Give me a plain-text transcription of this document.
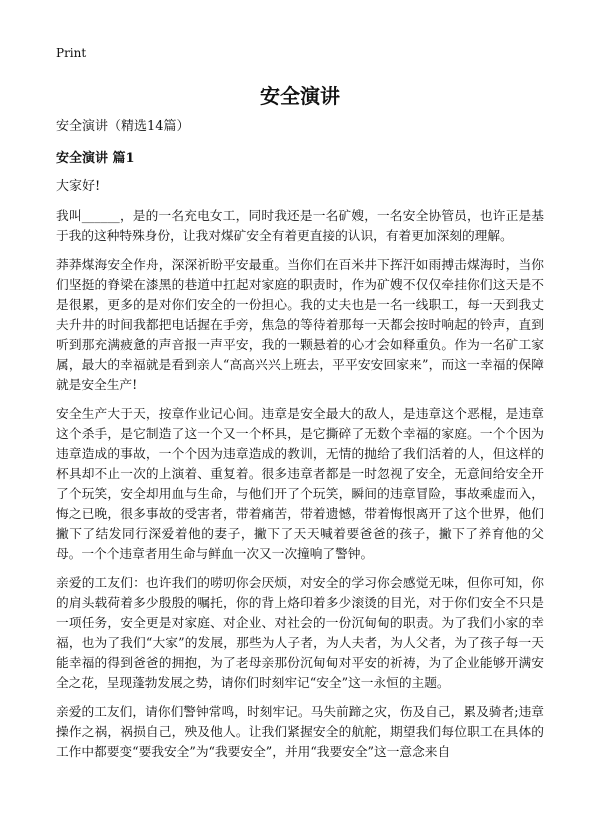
Print
安全演讲
安全演讲（精选14篇）
安全演讲 篇1
大家好!

我叫______，是的一名充电女工，同时我还是一名矿嫂，一名安全协管员，也许正是基于我的这种特殊身份，让我对煤矿安全有着更直接的认识，有着更加深刻的理解。

莽莽煤海安全作舟，深深祈盼平安最重。当你们在百米井下挥汗如雨搏击煤海时，当你们坚挺的脊梁在漆黑的巷道中扛起对家庭的职责时，作为矿嫂不仅仅牵挂你们这天是不是很累，更多的是对你们安全的一份担心。我的丈夫也是一名一线职工，每一天到我丈夫升井的时间我都把电话握在手旁，焦急的等待着那每一天都会按时响起的铃声，直到听到那充满疲惫的声音报一声平安，我的一颗悬着的心才会如释重负。作为一名矿工家属，最大的幸福就是看到亲人“高高兴兴上班去，平平安安回家来”，而这一幸福的保障就是安全生产!

安全生产大于天，按章作业记心间。违章是安全最大的敌人，是违章这个恶棍，是违章这个杀手，是它制造了这一个又一个杯具，是它撕碎了无数个幸福的家庭。一个个因为违章造成的事故，一个个因为违章造成的教训，无情的抛给了我们活着的人，但这样的杯具却不止一次的上演着、重复着。很多违章者都是一时忽视了安全，无意间给安全开了个玩笑，安全却用血与生命，与他们开了个玩笑，瞬间的违章冒险，事故乘虚而入，悔之已晚，很多事故的受害者，带着痛苦，带着遗憾，带着悔恨离开了这个世界，他们撇下了结发同行深爱着他的妻子，撇下了天天喊着要爸爸的孩子，撇下了养育他的父母。一个个违章者用生命与鲜血一次又一次撞响了警钟。

亲爱的工友们：也许我们的唠叨你会厌烦，对安全的学习你会感觉无味，但你可知，你的肩头载荷着多少殷殷的嘱托，你的背上烙印着多少滚烫的目光，对于你们安全不只是一项任务，安全更是对家庭、对企业、对社会的一份沉甸甸的职责。为了我们小家的幸福，也为了我们“大家”的发展，那些为人子者，为人夫者，为人父者，为了孩子每一天能幸福的得到爸爸的拥抱，为了老母亲那份沉甸甸对平安的祈祷，为了企业能够开满安全之花，呈现蓬勃发展之势，请你们时刻牢记“安全”这一永恒的主题。

亲爱的工友们，请你们警钟常鸣，时刻牢记。马失前蹄之灾，伤及自己，累及骑者;违章操作之祸，祸损自己，殃及他人。让我们紧握安全的航舵，期望我们每位职工在具体的工作中都要变“要我安全”为“我要安全”，并用“我要安全”这一意念来自
